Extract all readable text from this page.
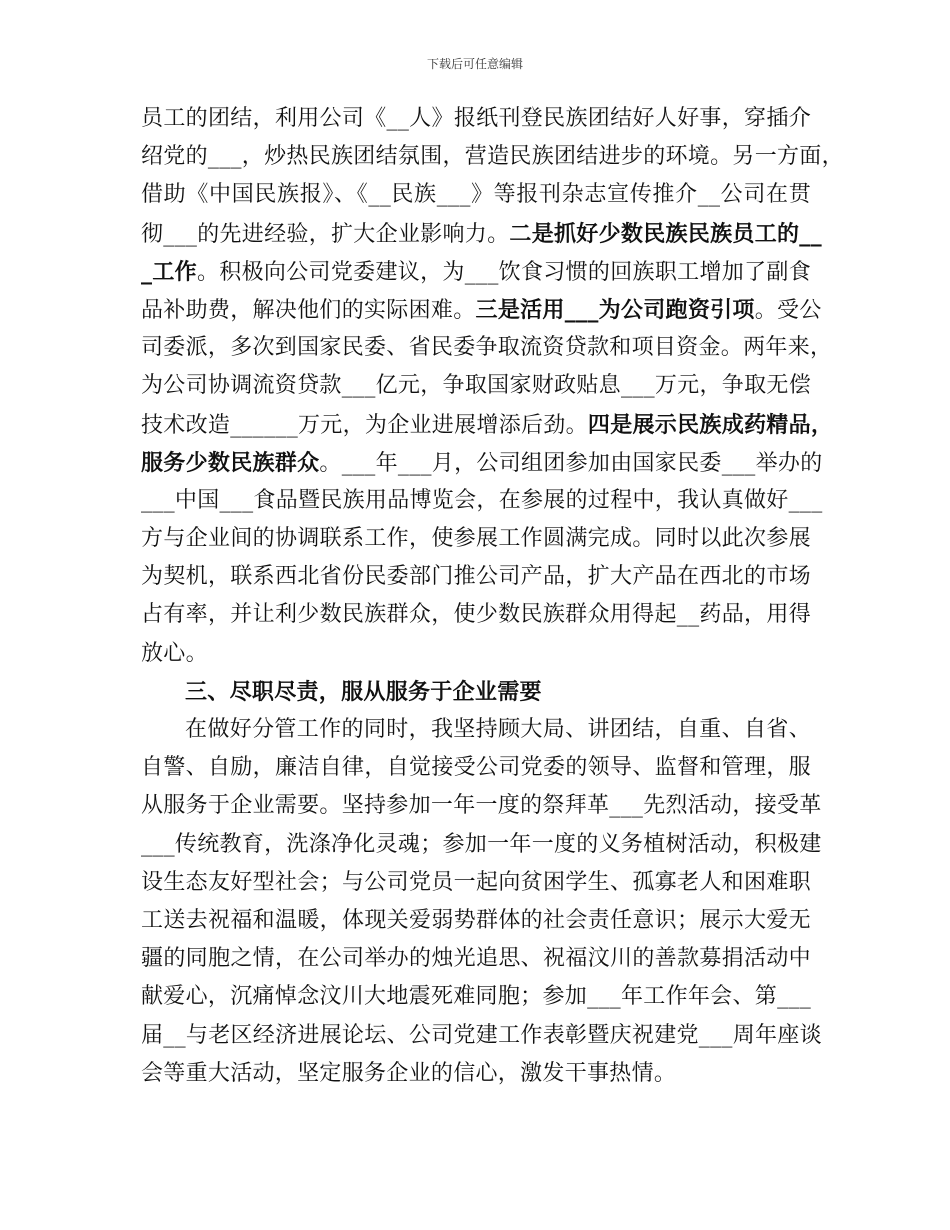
下载后可任意编辑
员工的团结，利用公司《__人》报纸刊登民族团结好人好事，穿插介
绍党的___，炒热民族团结氛围，营造民族团结进步的环境。另一方面，
借助《中国民族报》、《__民族___》等报刊杂志宣传推介__公司在贯
彻___的先进经验，扩大企业影响力。二是抓好少数民族民族员工的__
_工作。积极向公司党委建议，为___饮食习惯的回族职工增加了副食
品补助费，解决他们的实际困难。三是活用___为公司跑资引项。受公
司委派，多次到国家民委、省民委争取流资贷款和项目资金。两年来，
为公司协调流资贷款___亿元，争取国家财政贴息___万元，争取无偿
技术改造______万元，为企业进展增添后劲。四是展示民族成药精品，
服务少数民族群众。___年___月，公司组团参加由国家民委___举办的
___中国___食品暨民族用品博览会，在参展的过程中，我认真做好___
方与企业间的协调联系工作，使参展工作圆满完成。同时以此次参展
为契机，联系西北省份民委部门推公司产品，扩大产品在西北的市场
占有率，并让利少数民族群众，使少数民族群众用得起__药品，用得
放心。
三、尽职尽责，服从服务于企业需要
在做好分管工作的同时，我坚持顾大局、讲团结，自重、自省、
自警、自励，廉洁自律，自觉接受公司党委的领导、监督和管理，服
从服务于企业需要。坚持参加一年一度的祭拜革___先烈活动，接受革
___传统教育，洗涤净化灵魂；参加一年一度的义务植树活动，积极建
设生态友好型社会；与公司党员一起向贫困学生、孤寡老人和困难职
工送去祝福和温暖，体现关爱弱势群体的社会责任意识；展示大爱无
疆的同胞之情，在公司举办的烛光追思、祝福汶川的善款募捐活动中
献爱心，沉痛悼念汶川大地震死难同胞；参加___年工作年会、第___
届__与老区经济进展论坛、公司党建工作表彰暨庆祝建党___周年座谈
会等重大活动，坚定服务企业的信心，激发干事热情。
